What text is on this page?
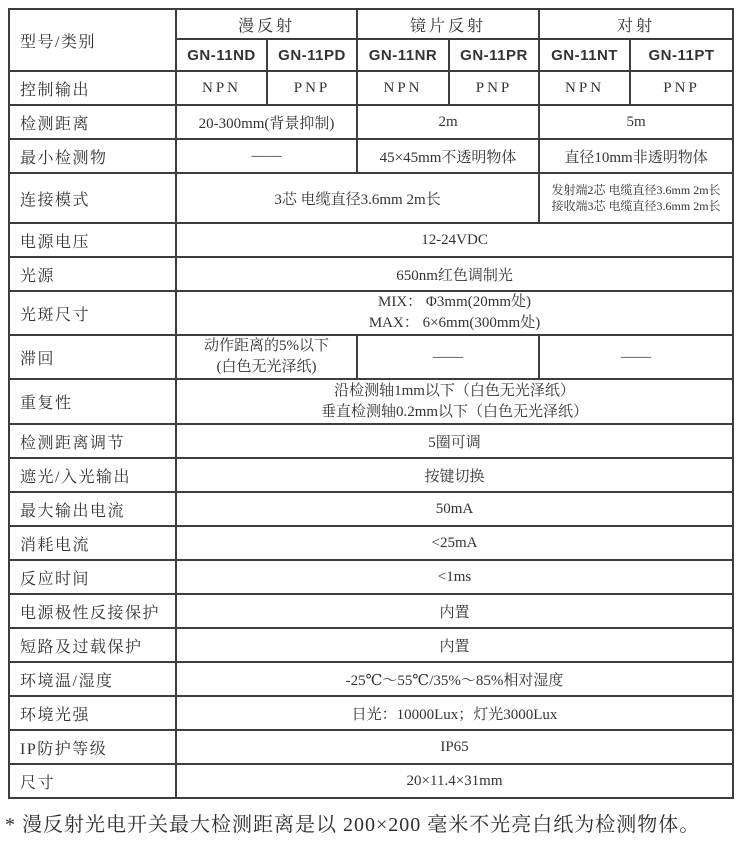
型号/类别	漫反射		镜片反射		对射	
	GN-11ND	GN-11PD	GN-11NR	GN-11PR	GN-11NT	GN-11PT
控制输出	NPN	PNP	NPN	PNP	NPN	PNP
检测距离	20-300mm(背景抑制)		2m		5m	
最小检测物	——		45×45mm不透明物体		直径10mm非透明物体	
连接模式	3芯 电缆直径3.6mm 2m长				发射端2芯 电缆直径3.6mm 2m长
接收端3芯 电缆直径3.6mm 2m长	

电源电压	12-24VDC					
光源	650nm红色调制光					
光斑尺寸	MIX： Φ3mm(20mm处)
MAX： 6×6mm(300mm处)					

滞回	动作距离的5%以下
(白色无光泽纸)		——		——	
重复性	沿检测轴1mm以下（白色无光泽纸）
垂直检测轴0.2mm以下（白色无光泽纸）					

检测距离调节	5圈可调					
遮光/入光输出	按键切换					
最大输出电流	50mA					
消耗电流	<25mA					
反应时间	<1ms					
电源极性反接保护	内置					
短路及过载保护	内置					
环境温/湿度	-25℃～55℃/35%～85%相对湿度					
环境光强	日光：10000Lux；灯光3000Lux					
IP防护等级	IP65					
尺寸	20×11.4×31mm					
* 漫反射光电开关最大检测距离是以 200×200 毫米不光亮白纸为检测物体。
